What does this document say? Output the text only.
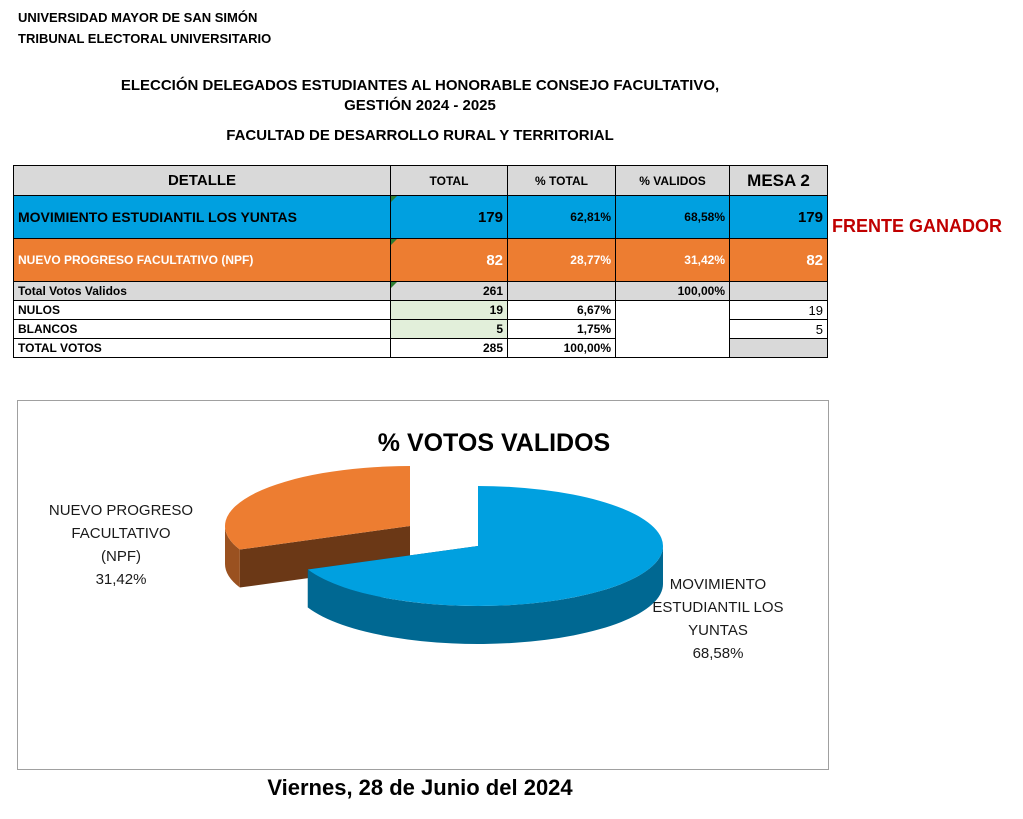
UNIVERSIDAD MAYOR DE SAN SIMÓN
TRIBUNAL ELECTORAL UNIVERSITARIO
ELECCIÓN DELEGADOS ESTUDIANTES AL HONORABLE CONSEJO FACULTATIVO,
GESTIÓN 2024 - 2025
FACULTAD DE DESARROLLO RURAL Y TERRITORIAL
DETALLE	TOTAL	% TOTAL	% VALIDOS	MESA 2
MOVIMIENTO ESTUDIANTIL LOS YUNTAS	179	62,81%	68,58%	179
NUEVO PROGRESO FACULTATIVO (NPF)	82	28,77%	31,42%	82
Total Votos Validos	261		100,00%	
NULOS	19	6,67%		19
BLANCOS	5	1,75%		5
TOTAL VOTOS	285	100,00%		
FRENTE GANADOR
% VOTOS VALIDOS
MOVIMIENTO ESTUDIANTIL LOS YUNTAS 68,58%
NUEVO PROGRESO FACULTATIVO (NPF) 31,42%
Viernes, 28 de Junio del 2024
